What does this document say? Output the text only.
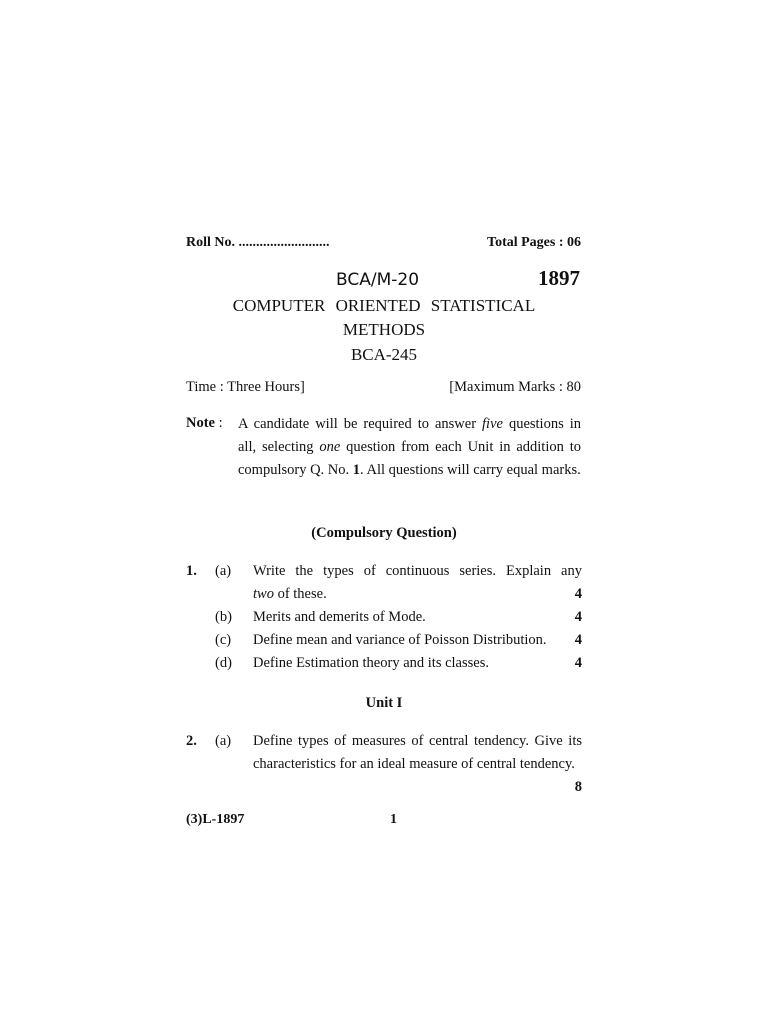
Roll No. ..........................	Total Pages : 06
BCA/M-20	1897
COMPUTER ORIENTED STATISTICAL
METHODS
BCA-245
Time : Three Hours]	[Maximum Marks : 80
Note : A candidate will be required to answer five questions in all, selecting one question from each Unit in addition to compulsory Q. No. 1. All questions will carry equal marks.
(Compulsory Question)
1. (a) Write the types of continuous series. Explain any
two of these.	4
(b) Merits and demerits of Mode.	4
(c) Define mean and variance of Poisson Distribution.	4
(d) Define Estimation theory and its classes.	4
Unit I
2. (a) Define types of measures of central tendency. Give its characteristics for an ideal measure of central tendency.
8
(3)L-1897	1
